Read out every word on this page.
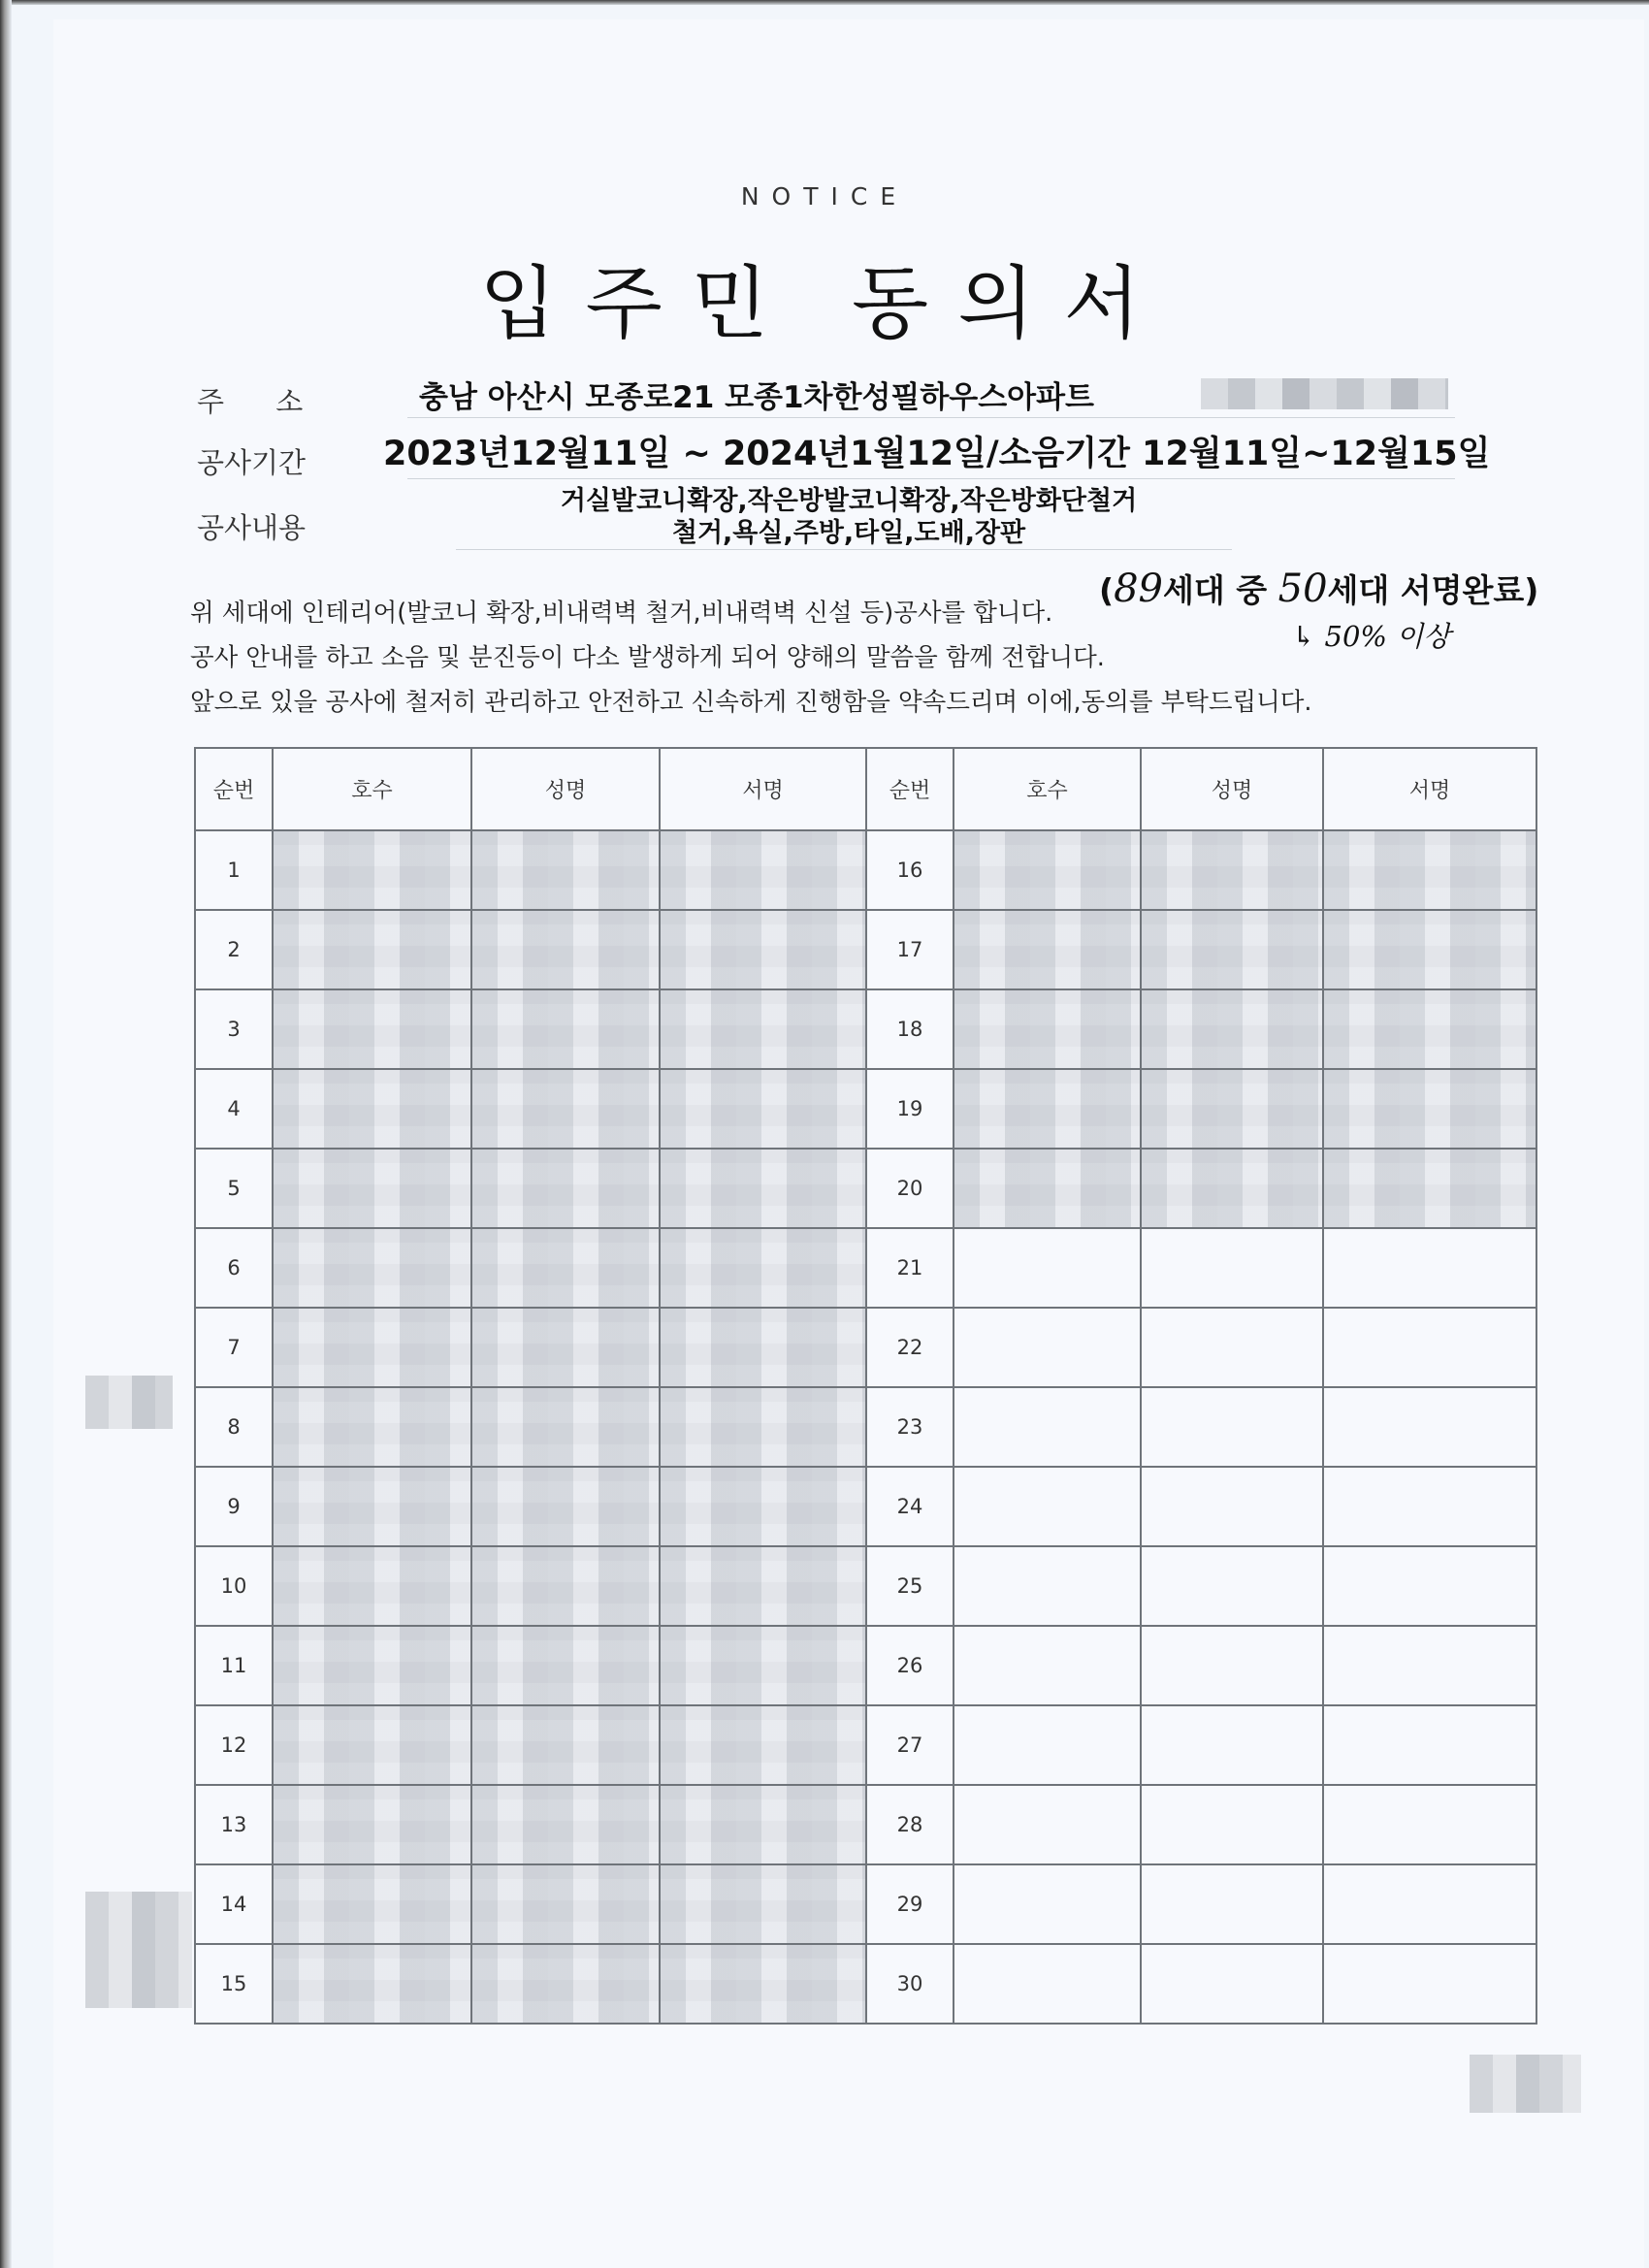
NOTICE
입주민 동의서
주 소	충남 아산시 모종로21 모종1차한성필하우스아파트
공사기간 2023년12월11일 ~ 2024년1월12일/소음기간 12월11일~12월15일
공사내용
거실발코니확장,작은방발코니확장,작은방화단철거
철거,욕실,주방,타일,도배,장판
위 세대에 인테리어(발코니 확장,비내력벽 철거,비내력벽 신설 등)공사를 합니다.
공사 안내를 하고 소음 및 분진등이 다소 발생하게 되어 양해의 말씀을 함께 전합니다.
앞으로 있을 공사에 철저히 관리하고 안전하고 신속하게 진행함을 약속드리며 이에,동의를 부탁드립니다.
(89세대 중 50세대 서명완료)
↳ 50% 이상
순번	호수	성명	서명	순번	호수	성명	서명
1				16			
2				17			
3				18			
4				19			
5				20			
6				21			
7				22			
8				23			
9				24			
10				25			
11				26			
12				27			
13				28			
14				29			
15				30			
